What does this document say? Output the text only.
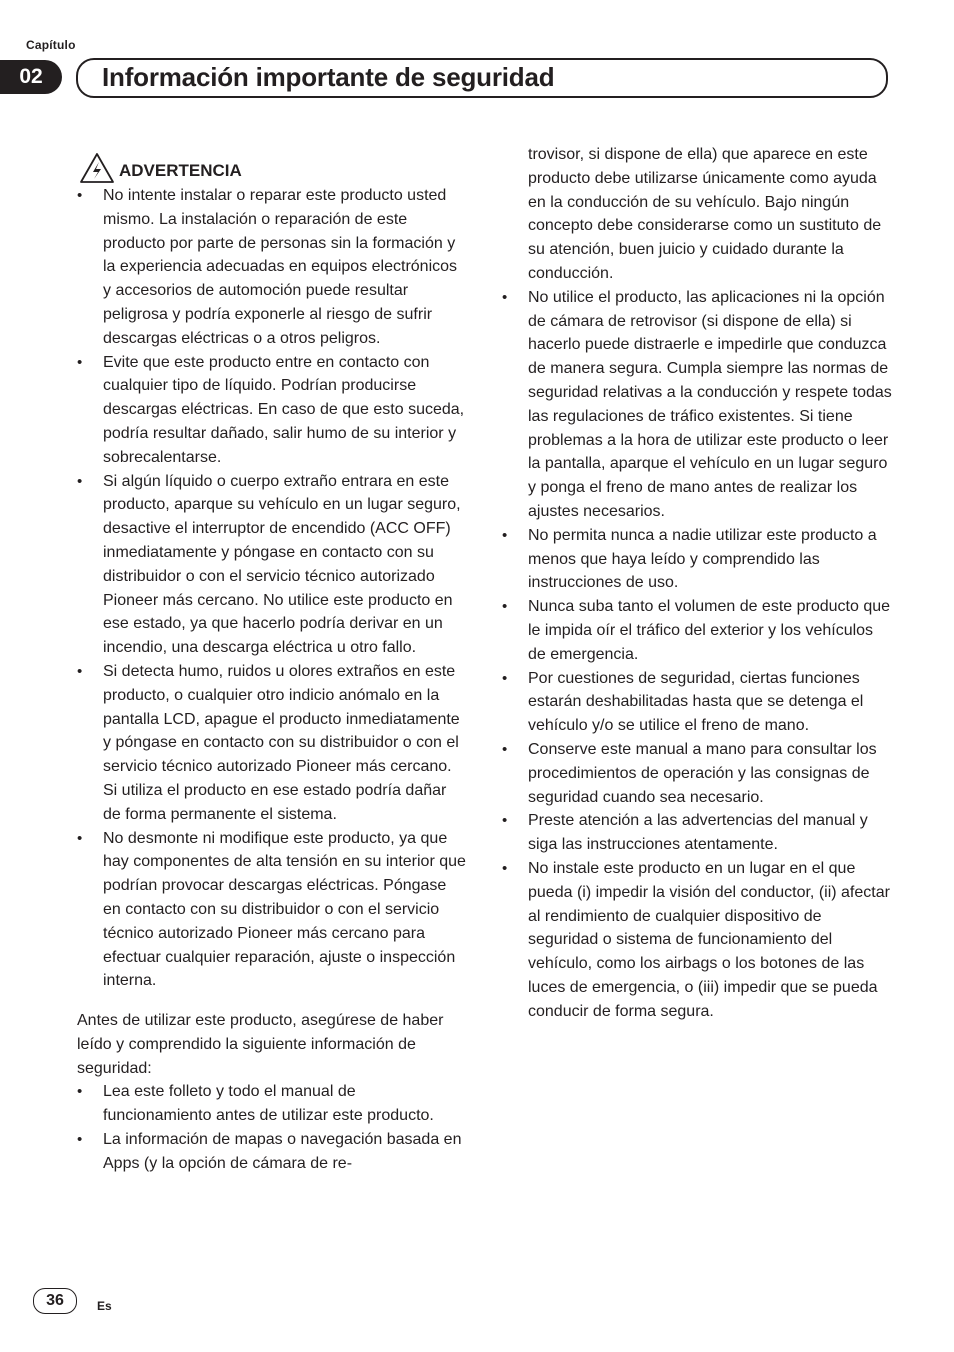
Capítulo
02	Información importante de seguridad
ADVERTENCIA
• No intente instalar o reparar este producto usted mismo. La instalación o reparación de este producto por parte de personas sin la formación y la experiencia adecuadas en equipos electrónicos y accesorios de automoción puede resultar peligrosa y podría exponerle al riesgo de sufrir descargas eléctricas o a otros peligros.
• Evite que este producto entre en contacto con cualquier tipo de líquido. Podrían producirse descargas eléctricas. En caso de que esto suceda, podría resultar dañado, salir humo de su interior y sobrecalentarse.
• Si algún líquido o cuerpo extraño entrara en este producto, aparque su vehículo en un lugar seguro, desactive el interruptor de encendido (ACC OFF) inmediatamente y póngase en contacto con su distribuidor o con el servicio técnico autorizado Pioneer más cercano. No utilice este producto en ese estado, ya que hacerlo podría derivar en un incendio, una descarga eléctrica u otro fallo.
• Si detecta humo, ruidos u olores extraños en este producto, o cualquier otro indicio anómalo en la pantalla LCD, apague el producto inmediatamente y póngase en contacto con su distribuidor o con el servicio técnico autorizado Pioneer más cercano. Si utiliza el producto en ese estado podría dañar de forma permanente el sistema.
• No desmonte ni modifique este producto, ya que hay componentes de alta tensión en su interior que podrían provocar descargas eléctricas. Póngase en contacto con su distribuidor o con el servicio técnico autorizado Pioneer más cercano para efectuar cualquier reparación, ajuste o inspección interna.
Antes de utilizar este producto, asegúrese de haber leído y comprendido la siguiente información de seguridad:
• Lea este folleto y todo el manual de funcionamiento antes de utilizar este producto.
• La información de mapas o navegación basada en Apps (y la opción de cámara de re-
trovisor, si dispone de ella) que aparece en este producto debe utilizarse únicamente como ayuda en la conducción de su vehículo. Bajo ningún concepto debe considerarse como un sustituto de su atención, buen juicio y cuidado durante la conducción.
• No utilice el producto, las aplicaciones ni la opción de cámara de retrovisor (si dispone de ella) si hacerlo puede distraerle e impedirle que conduzca de manera segura. Cumpla siempre las normas de seguridad relativas a la conducción y respete todas las regulaciones de tráfico existentes. Si tiene problemas a la hora de utilizar este producto o leer la pantalla, aparque el vehículo en un lugar seguro y ponga el freno de mano antes de realizar los ajustes necesarios.
• No permita nunca a nadie utilizar este producto a menos que haya leído y comprendido las instrucciones de uso.
• Nunca suba tanto el volumen de este producto que le impida oír el tráfico del exterior y los vehículos de emergencia.
• Por cuestiones de seguridad, ciertas funciones estarán deshabilitadas hasta que se detenga el vehículo y/o se utilice el freno de mano.
• Conserve este manual a mano para consultar los procedimientos de operación y las consignas de seguridad cuando sea necesario.
• Preste atención a las advertencias del manual y siga las instrucciones atentamente.
• No instale este producto en un lugar en el que pueda (i) impedir la visión del conductor, (ii) afectar al rendimiento de cualquier dispositivo de seguridad o sistema de funcionamiento del vehículo, como los airbags o los botones de las luces de emergencia, o (iii) impedir que se pueda conducir de forma segura.
36	Es
